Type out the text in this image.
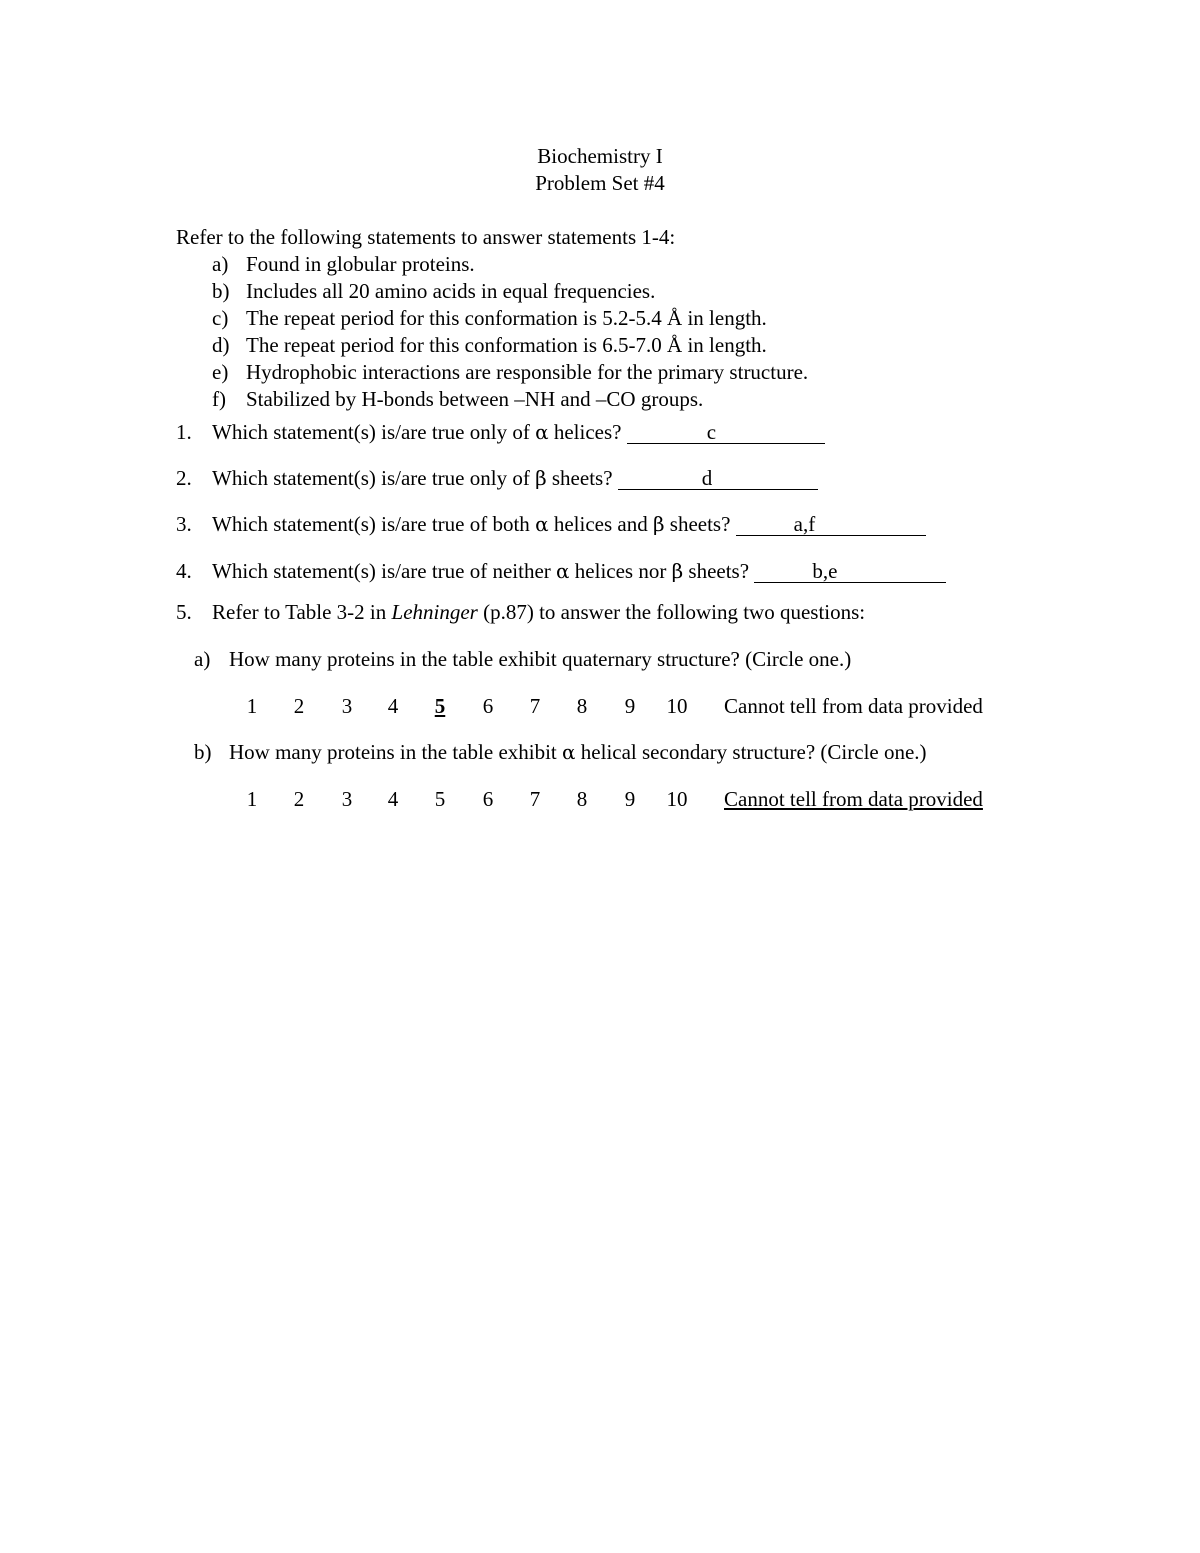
Biochemistry I
Problem Set #4
Refer to the following statements to answer statements 1-4:
a) Found in globular proteins.
b) Includes all 20 amino acids in equal frequencies.
c) The repeat period for this conformation is 5.2-5.4 Å in length.
d) The repeat period for this conformation is 6.5-7.0 Å in length.
e) Hydrophobic interactions are responsible for the primary structure.
f) Stabilized by H-bonds between –NH and –CO groups.
1. Which statement(s) is/are true only of α helices?	c
2. Which statement(s) is/are true only of β sheets?	d
3. Which statement(s) is/are true of both α helices and β sheets?	a,f
4. Which statement(s) is/are true of neither α helices nor β sheets?	b,e
5. Refer to Table 3-2 in Lehninger (p.87) to answer the following two questions:
a) How many proteins in the table exhibit quaternary structure? (Circle one.)
1	2	3	4	5	6	7	8	9	10 Cannot tell from data provided
b) How many proteins in the table exhibit α helical secondary structure? (Circle one.)
1	2	3	4	5	6	7	8	9	10 Cannot tell from data provided
